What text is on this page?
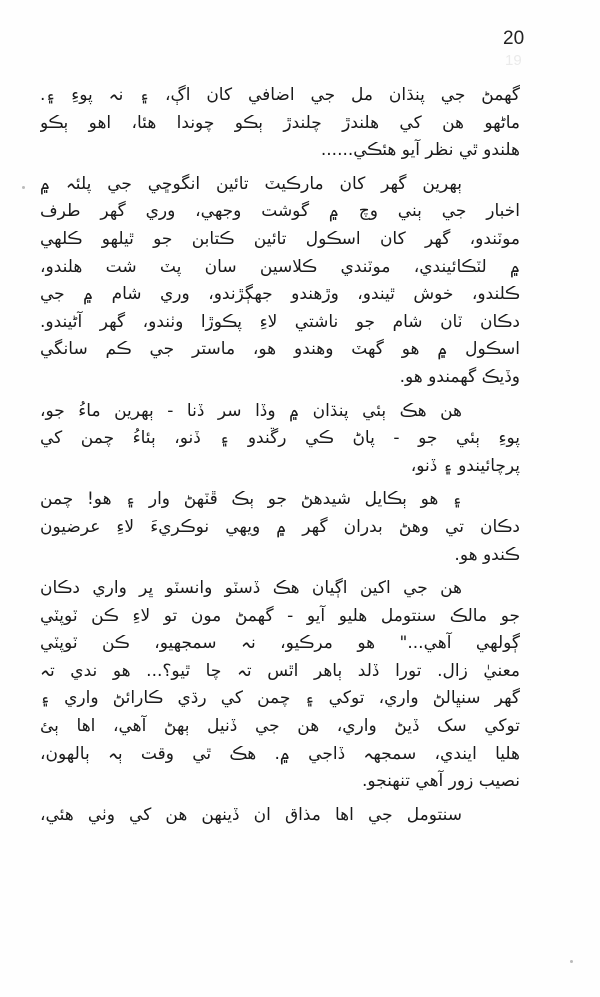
20
19
گھمڻ جي پنڌان مل جي اضافي کان اڳ، ۽ نہ پوءِ ۽.
ماڻھو ھن کي ھلندڙ چلندڙ ٻڪو چوندا ھئا، اھو ٻڪو
ھلندو ٿي نظر آيو ھئڪي......
ٻھرين گھر کان مارڪيٽ تائين انگوڇي جي پلئہ ۾
اخبار جي ٻني وچ ۾ گوشت وجھي، وري گھر طرف
موٽندو، گھر کان اسڪول تائين ڪتابن جو ٿيلھو ڪلھي
۾ لٽڪائيندي، موٽندي ڪلاسين سان پٽ شت ھلندو،
ڪلندو، خوش ٿيندو، وڙھندو جھڳڙندو، وري شام ۾ جي
دڪان ٽان شام جو ناشتي لاءِ پڪوڙا وٺندو، گھر آڻيندو.
اسڪول ۾ ھو گھٽ وھندو ھو، ماستر جي ڪم سانگي
وڏيڪ گھمندو ھو.
ھن ھڪ ٻئي پنڌان ۾ وڏا سر ڏنا - ٻھرين ماءُ جو،
پوءِ ٻئي جو - پاڻ ڪي رڱندو ۽ ڏنو، ٻئاءُ چمن کي
پرچائيندو ۽ ڏنو،
۽ ھو ٻڪايل شيدھڻ جو ٻڪ ڦٽھڻ وار ۽ ھو! چمن
دڪان تي وھڻ بدران گھر ۾ ويھي نوڪريءَ لاءِ عرضيون
ڪندو ھو.
ھن جي اکين اڳيان ھڪ ڏسٽو وانسٽو ڀر واري دڪان
جو مالڪ سنتومل ھليو آيو - گھمڻ مون تو لاءِ ڪن ٽوپٽي
ڳولھي آھي..." ھو مرڪيو، نہ سمجھيو، ڪن ٽوپٽي
معنيٰ زال. تورا ڏلد ٻاھر اٿس تہ چا ٿيو؟... ھو ندي تہ
گھر سنڀالڻ واري، توکي ۽ چمن کي رڌي ڪارائڻ واري ۽
توکي سک ڏيڻ واري، ھن جي ڏنيل ٻھڻ آھي، اھا ٻئ
ھليا ايندي، سمجھہ ڏاجي ۾. ھڪ ٿي وقت ٻہ ٻالھون،
نصيب زور آھي تنھنجو.
سنتومل جي اھا مذاق ان ڏينھن ھن کي وٺي ھئي،
